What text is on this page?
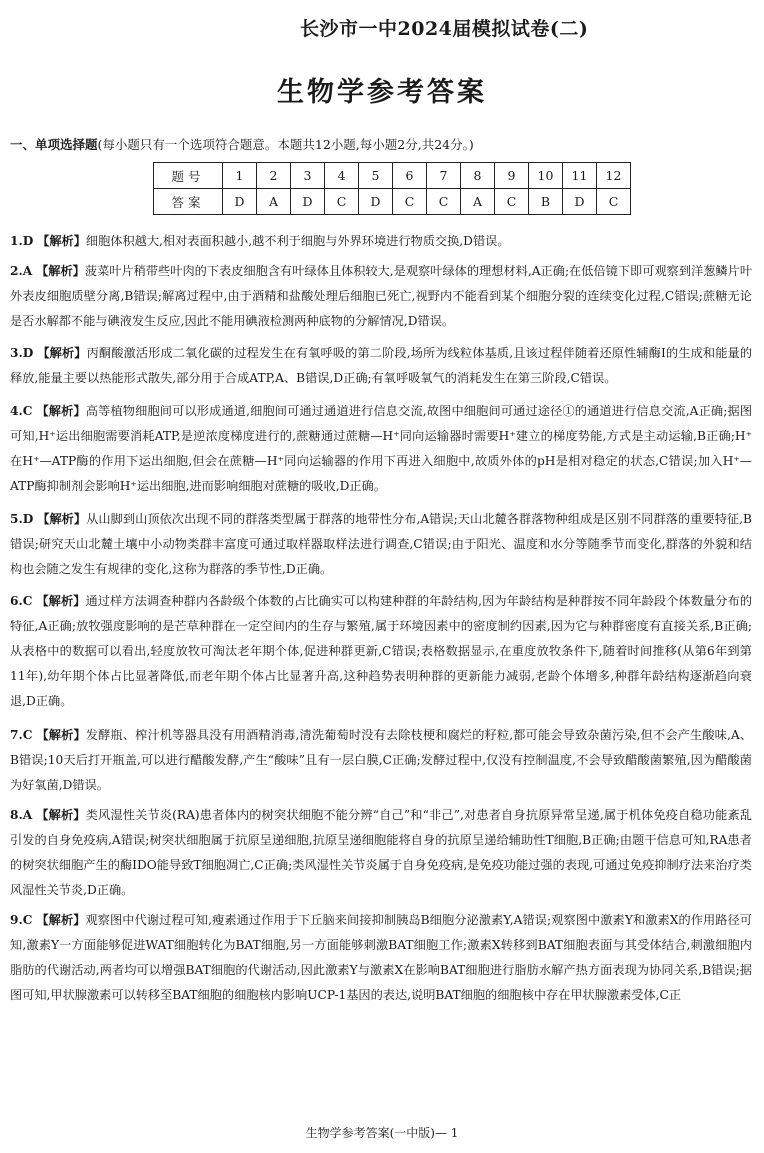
长沙市一中2024届模拟试卷(二)
生物学参考答案
一、单项选择题(每小题只有一个选项符合题意。本题共12小题,每小题2分,共24分。)
题号	1	2	3	4	5	6	7	8	9	10	11	12
答案	D	A	D	C	D	C	C	A	C	B	D	C

1.D 【解析】细胞体积越大,相对表面积越小,越不利于细胞与外界环境进行物质交换,D错误。

2.A 【解析】菠菜叶片稍带些叶肉的下表皮细胞含有叶绿体且体积较大,是观察叶绿体的理想材料,A正确;在低倍镜下即可观察到洋葱鳞片叶外表皮细胞质壁分离,B错误;解离过程中,由于酒精和盐酸处理后细胞已死亡,视野内不能看到某个细胞分裂的连续变化过程,C错误;蔗糖无论是否水解都不能与碘液发生反应,因此不能用碘液检测两种底物的分解情况,D错误。

3.D 【解析】丙酮酸激活形成二氧化碳的过程发生在有氧呼吸的第二阶段,场所为线粒体基质,且该过程伴随着还原性辅酶Ⅰ的生成和能量的释放,能量主要以热能形式散失,部分用于合成ATP,A、B错误,D正确;有氧呼吸氧气的消耗发生在第三阶段,C错误。

4.C 【解析】高等植物细胞间可以形成通道,细胞间可通过通道进行信息交流,故图中细胞间可通过途径①的通道进行信息交流,A正确;据图可知,H⁺运出细胞需要消耗ATP,是逆浓度梯度进行的,蔗糖通过蔗糖—H⁺同向运输器时需要H⁺建立的梯度势能,方式是主动运输,B正确;H⁺在H⁺—ATP酶的作用下运出细胞,但会在蔗糖—H⁺同向运输器的作用下再进入细胞中,故质外体的pH是相对稳定的状态,C错误;加入H⁺—ATP酶抑制剂会影响H⁺运出细胞,进而影响细胞对蔗糖的吸收,D正确。

5.D 【解析】从山脚到山顶依次出现不同的群落类型属于群落的地带性分布,A错误;天山北麓各群落物种组成是区别不同群落的重要特征,B错误;研究天山北麓土壤中小动物类群丰富度可通过取样器取样法进行调查,C错误;由于阳光、温度和水分等随季节而变化,群落的外貌和结构也会随之发生有规律的变化,这称为群落的季节性,D正确。

6.C 【解析】通过样方法调查种群内各龄级个体数的占比确实可以构建种群的年龄结构,因为年龄结构是种群按不同年龄段个体数量分布的特征,A正确;放牧强度影响的是芒草种群在一定空间内的生存与繁殖,属于环境因素中的密度制约因素,因为它与种群密度有直接关系,B正确;从表格中的数据可以看出,轻度放牧可淘汰老年期个体,促进种群更新,C错误;表格数据显示,在重度放牧条件下,随着时间推移(从第6年到第11年),幼年期个体占比显著降低,而老年期个体占比显著升高,这种趋势表明种群的更新能力减弱,老龄个体增多,种群年龄结构逐渐趋向衰退,D正确。

7.C 【解析】发酵瓶、榨汁机等器具没有用酒精消毒,清洗葡萄时没有去除枝梗和腐烂的籽粒,都可能会导致杂菌污染,但不会产生酸味,A、B错误;10天后打开瓶盖,可以进行醋酸发酵,产生“酸味”且有一层白膜,C正确;发酵过程中,仅没有控制温度,不会导致醋酸菌繁殖,因为醋酸菌为好氧菌,D错误。

8.A 【解析】类风湿性关节炎(RA)患者体内的树突状细胞不能分辨“自己”和“非己”,对患者自身抗原异常呈递,属于机体免疫自稳功能紊乱引发的自身免疫病,A错误;树突状细胞属于抗原呈递细胞,抗原呈递细胞能将自身的抗原呈递给辅助性T细胞,B正确;由题干信息可知,RA患者的树突状细胞产生的酶IDO能导致T细胞凋亡,C正确;类风湿性关节炎属于自身免疫病,是免疫功能过强的表现,可通过免疫抑制疗法来治疗类风湿性关节炎,D正确。

9.C 【解析】观察图中代谢过程可知,瘦素通过作用于下丘脑来间接抑制胰岛B细胞分泌激素Y,A错误;观察图中激素Y和激素X的作用路径可知,激素Y一方面能够促进WAT细胞转化为BAT细胞,另一方面能够刺激BAT细胞工作;激素X转移到BAT细胞表面与其受体结合,刺激细胞内脂肪的代谢活动,两者均可以增强BAT细胞的代谢活动,因此激素Y与激素X在影响BAT细胞进行脂肪水解产热方面表现为协同关系,B错误;据图可知,甲状腺激素可以转移至BAT细胞的细胞核内影响UCP-1基因的表达,说明BAT细胞的细胞核中存在甲状腺激素受体,C正

生物学参考答案(一中版)— 1
